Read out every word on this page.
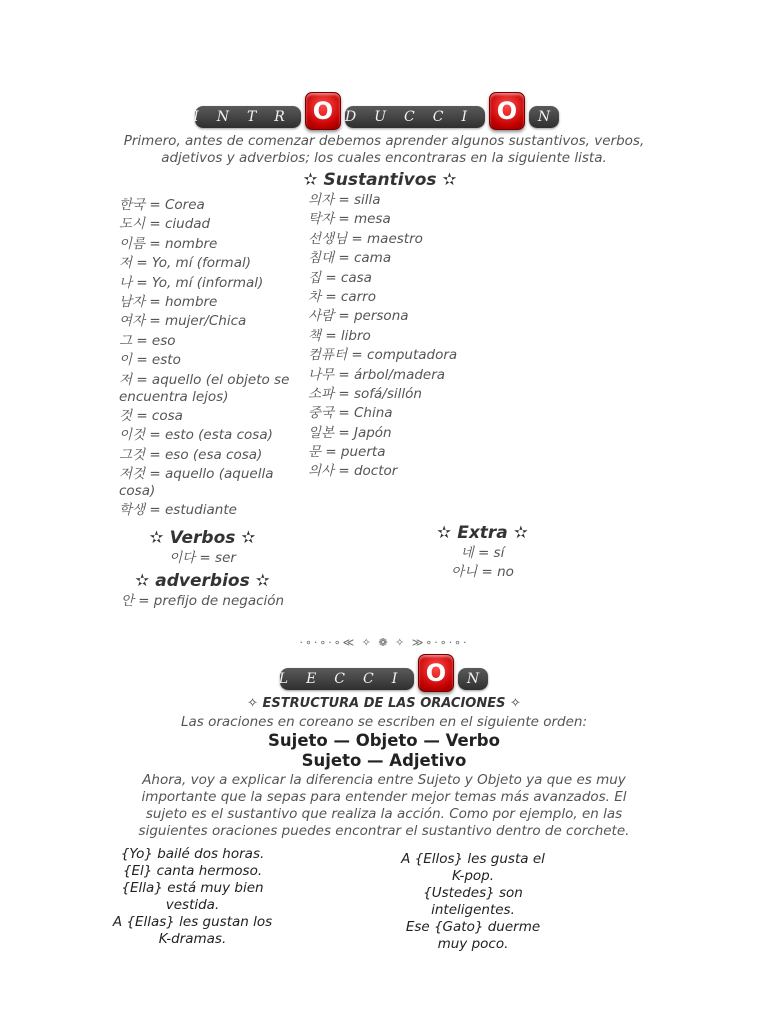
INTR O DUCCI O N
Primero, antes de comenzar debemos aprender algunos sustantivos, verbos, adjetivos y adverbios; los cuales encontraras en la siguiente lista.
✫ Sustantivos ✫
한국 = Corea
도시 = ciudad
이름 = nombre
저 = Yo, mí (formal)
나 = Yo, mí (informal)
남자 = hombre
여자 = mujer/Chica
그 = eso
이 = esto
저 = aquello (el objeto se encuentra lejos)
것 = cosa
이것 = esto (esta cosa)
그것 = eso (esa cosa)
저것 = aquello (aquella cosa)
학생 = estudiante
의자 = silla
탁자 = mesa
선생님 = maestro
침대 = cama
집 = casa
차 = carro
사람 = persona
책 = libro
컴퓨터 = computadora
나무 = árbol/madera
소파 = sofá/sillón
중국 = China
일본 = Japón
문 = puerta
의사 = doctor
✫ Verbos ✫
이다 = ser
✫ adverbios ✫
안 = prefijo de negación
✫ Extra ✫
네 = sí
아니 = no
·∘·∘·∘≪ ✧ ❁ ✧ ≫∘·∘·∘·
LECCI O N
✧ ESTRUCTURA DE LAS ORACIONES ✧
Las oraciones en coreano se escriben en el siguiente orden:
Sujeto — Objeto — Verbo
Sujeto — Adjetivo
Ahora, voy a explicar la diferencia entre Sujeto y Objeto ya que es muy importante que la sepas para entender mejor temas más avanzados. El sujeto es el sustantivo que realiza la acción. Como por ejemplo, en las siguientes oraciones puedes encontrar el sustantivo dentro de corchete.
{Yo} bailé dos horas.
{El} canta hermoso.
{Ella} está muy bien vestida.
A {Ellas} les gustan los K-dramas.
A {Ellos} les gusta el K-pop.
{Ustedes} son inteligentes.
Ese {Gato} duerme muy poco.
